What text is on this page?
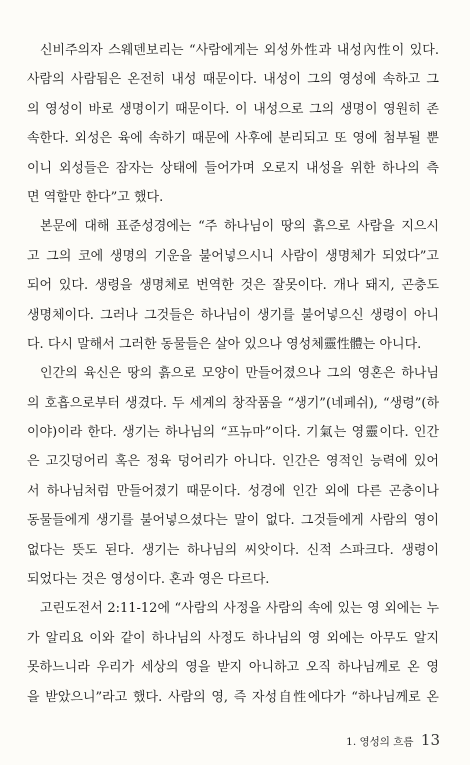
신비주의자 스웨덴보리는 “사람에게는 외성外性과 내성內性이 있다.
사람의 사람됨은 온전히 내성 때문이다. 내성이 그의 영성에 속하고 그
의 영성이 바로 생명이기 때문이다. 이 내성으로 그의 생명이 영원히 존
속한다. 외성은 육에 속하기 때문에 사후에 분리되고 또 영에 첨부될 뿐
이니 외성들은 잠자는 상태에 들어가며 오로지 내성을 위한 하나의 측
면 역할만 한다”고 했다.
본문에 대해 표준성경에는 “주 하나님이 땅의 흙으로 사람을 지으시
고 그의 코에 생명의 기운을 불어넣으시니 사람이 생명체가 되었다”고
되어 있다. 생령을 생명체로 번역한 것은 잘못이다. 개나 돼지, 곤충도
생명체이다. 그러나 그것들은 하나님이 생기를 불어넣으신 생령이 아니
다. 다시 말해서 그러한 동물들은 살아 있으나 영성체靈性體는 아니다.
인간의 육신은 땅의 흙으로 모양이 만들어졌으나 그의 영혼은 하나님
의 호흡으로부터 생겼다. 두 세계의 창작품을 “생기”(네페쉬), “생령”(하
이야)이라 한다. 생기는 하나님의 “프뉴마”이다. 기氣는 영靈이다. 인간
은 고깃덩어리 혹은 정육 덩어리가 아니다. 인간은 영적인 능력에 있어
서 하나님처럼 만들어졌기 때문이다. 성경에 인간 외에 다른 곤충이나
동물들에게 생기를 불어넣으셨다는 말이 없다. 그것들에게 사람의 영이
없다는 뜻도 된다. 생기는 하나님의 씨앗이다. 신적 스파크다. 생령이
되었다는 것은 영성이다. 혼과 영은 다르다.
고린도전서 2:11-12에 “사람의 사정을 사람의 속에 있는 영 외에는 누
가 알리요 이와 같이 하나님의 사정도 하나님의 영 외에는 아무도 알지
못하느니라 우리가 세상의 영을 받지 아니하고 오직 하나님께로 온 영
을 받았으니”라고 했다. 사람의 영, 즉 자성自性에다가 “하나님께로 온
1. 영성의 흐름 13
